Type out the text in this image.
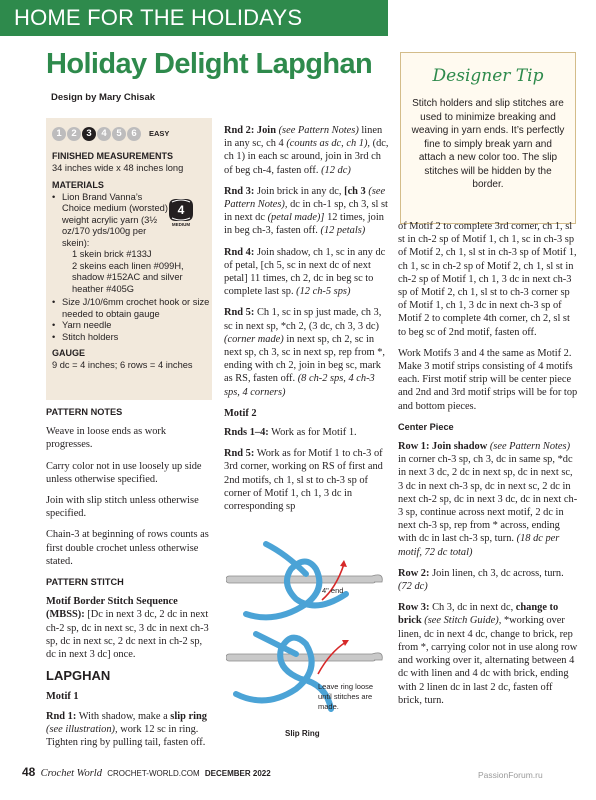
HOME FOR THE HOLIDAYS
Holiday Delight Lapghan
Design by Mary Chisak
Designer Tip
Stitch holders and slip stitches are used to minimize breaking and weaving in yarn ends. It’s perfectly fine to simply break yarn and attach a new color too. The slip stitches will be hidden by the border.
1	2	3	4	5	6	EASY
FINISHED MEASUREMENTS
34 inches wide x 48 inches long
MATERIALS
• Lion Brand Vanna’s Choice medium (worsted) weight acrylic yarn (3½ oz/170 yds/100g per skein):
1 skein brick #133J
2 skeins each linen #099H, shadow #152AC and silver heather #405G
• Size J/10/6mm crochet hook or size needed to obtain gauge
• Yarn needle
• Stitch holders
GAUGE
9 dc = 4 inches; 6 rows = 4 inches
4
MEDIUM
PATTERN NOTES
Weave in loose ends as work progresses.
Carry color not in use loosely up side unless otherwise specified.
Join with slip stitch unless otherwise specified.
Chain-3 at beginning of rows counts as first double crochet unless otherwise stated.
PATTERN STITCH
Motif Border Stitch Sequence (MBSS): [Dc in next 3 dc, 2 dc in next ch-2 sp, dc in next sc, 3 dc in next ch-3 sp, dc in next sc, 2 dc next in ch-2 sp, dc in next 3 dc] once.
LAPGHAN
Motif 1
Rnd 1: With shadow, make a slip ring (see illustration), work 12 sc in ring. Tighten ring by pulling tail, fasten off.
Rnd 2: Join (see Pattern Notes) linen in any sc, ch 4 (counts as dc, ch 1), (dc, ch 1) in each sc around, join in 3rd ch of beg ch-4, fasten off. (12 dc)
Rnd 3: Join brick in any dc, [ch 3 (see Pattern Notes), dc in ch-1 sp, ch 3, sl st in next dc (petal made)] 12 times, join in beg ch-3, fasten off. (12 petals)
Rnd 4: Join shadow, ch 1, sc in any dc of petal, [ch 5, sc in next dc of next petal] 11 times, ch 2, dc in beg sc to complete last sp. (12 ch-5 sps)
Rnd 5: Ch 1, sc in sp just made, ch 3, sc in next sp, *ch 2, (3 dc, ch 3, 3 dc) (corner made) in next sp, ch 2, sc in next sp, ch 3, sc in next sp, rep from *, ending with ch 2, join in beg sc, mark as RS, fasten off. (8 ch-2 sps, 4 ch-3 sps, 4 corners)
Motif 2
Rnds 1–4: Work as for Motif 1.
Rnd 5: Work as for Motif 1 to ch-3 of 3rd corner, working on RS of first and 2nd motifs, ch 1, sl st to ch-3 sp of corner of Motif 1, ch 1, 3 dc in corresponding sp
4" end
Leave ring loose until stitches are made.
Slip Ring
of Motif 2 to complete 3rd corner, ch 1, sl st in ch-2 sp of Motif 1, ch 1, sc in ch-3 sp of Motif 2, ch 1, sl st in ch-3 sp of Motif 1, ch 1, sc in ch-2 sp of Motif 2, ch 1, sl st in ch-2 sp of Motif 1, ch 1, 3 dc in next ch-3 sp of Motif 2, ch 1, sl st to ch-3 corner sp of Motif 1, ch 1, 3 dc in next ch-3 sp of Motif 2 to complete 4th corner, ch 2, sl st to beg sc of 2nd motif, fasten off.
Work Motifs 3 and 4 the same as Motif 2. Make 3 motif strips consisting of 4 motifs each. First motif strip will be center piece and 2nd and 3rd motif strips will be for top and bottom pieces.
Center Piece
Row 1: Join shadow (see Pattern Notes) in corner ch-3 sp, ch 3, dc in same sp, *dc in next 3 dc, 2 dc in next sp, dc in next sc, 3 dc in next ch-3 sp, dc in next sc, 2 dc in next ch-2 sp, dc in next 3 dc, dc in next ch-3 sp, continue across next motif, 2 dc in next ch-3 sp, rep from * across, ending with dc in last ch-3 sp, turn. (18 dc per motif, 72 dc total)
Row 2: Join linen, ch 3, dc across, turn. (72 dc)
Row 3: Ch 3, dc in next dc, change to brick (see Stitch Guide), *working over linen, dc in next 4 dc, change to brick, rep from *, carrying color not in use along row and working over it, alternating between 4 dc with linen and 4 dc with brick, ending with 2 linen dc in last 2 dc, fasten off brick, turn.
48 Crochet World CROCHET-WORLD.COM DECEMBER 2022	PassionForum.ru
